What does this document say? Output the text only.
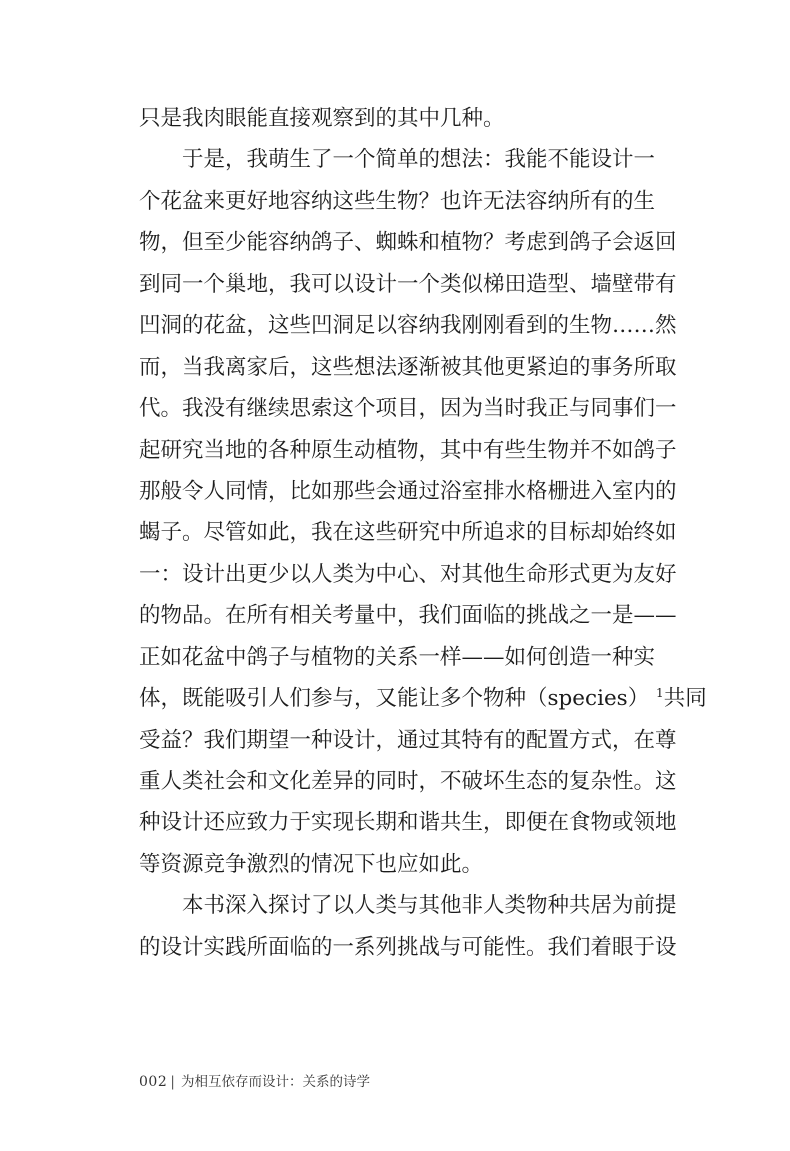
只是我肉眼能直接观察到的其中几种。
于是，我萌生了一个简单的想法：我能不能设计一
个花盆来更好地容纳这些生物？也许无法容纳所有的生
物，但至少能容纳鸽子、蜘蛛和植物？考虑到鸽子会返回
到同一个巢地，我可以设计一个类似梯田造型、墙壁带有
凹洞的花盆，这些凹洞足以容纳我刚刚看到的生物……然
而，当我离家后，这些想法逐渐被其他更紧迫的事务所取
代。我没有继续思索这个项目，因为当时我正与同事们一
起研究当地的各种原生动植物，其中有些生物并不如鸽子
那般令人同情，比如那些会通过浴室排水格栅进入室内的
蝎子。尽管如此，我在这些研究中所追求的目标却始终如
一：设计出更少以人类为中心、对其他生命形式更为友好
的物品。在所有相关考量中，我们面临的挑战之一是——
正如花盆中鸽子与植物的关系一样——如何创造一种实
体，既能吸引人们参与，又能让多个物种（species） $^1$共同
受益？我们期望一种设计，通过其特有的配置方式，在尊
重人类社会和文化差异的同时，不破坏生态的复杂性。这
种设计还应致力于实现长期和谐共生，即便在食物或领地
等资源竞争激烈的情况下也应如此。
本书深入探讨了以人类与其他非人类物种共居为前提
的设计实践所面临的一系列挑战与可能性。我们着眼于设
002 | 为相互依存而设计：关系的诗学
